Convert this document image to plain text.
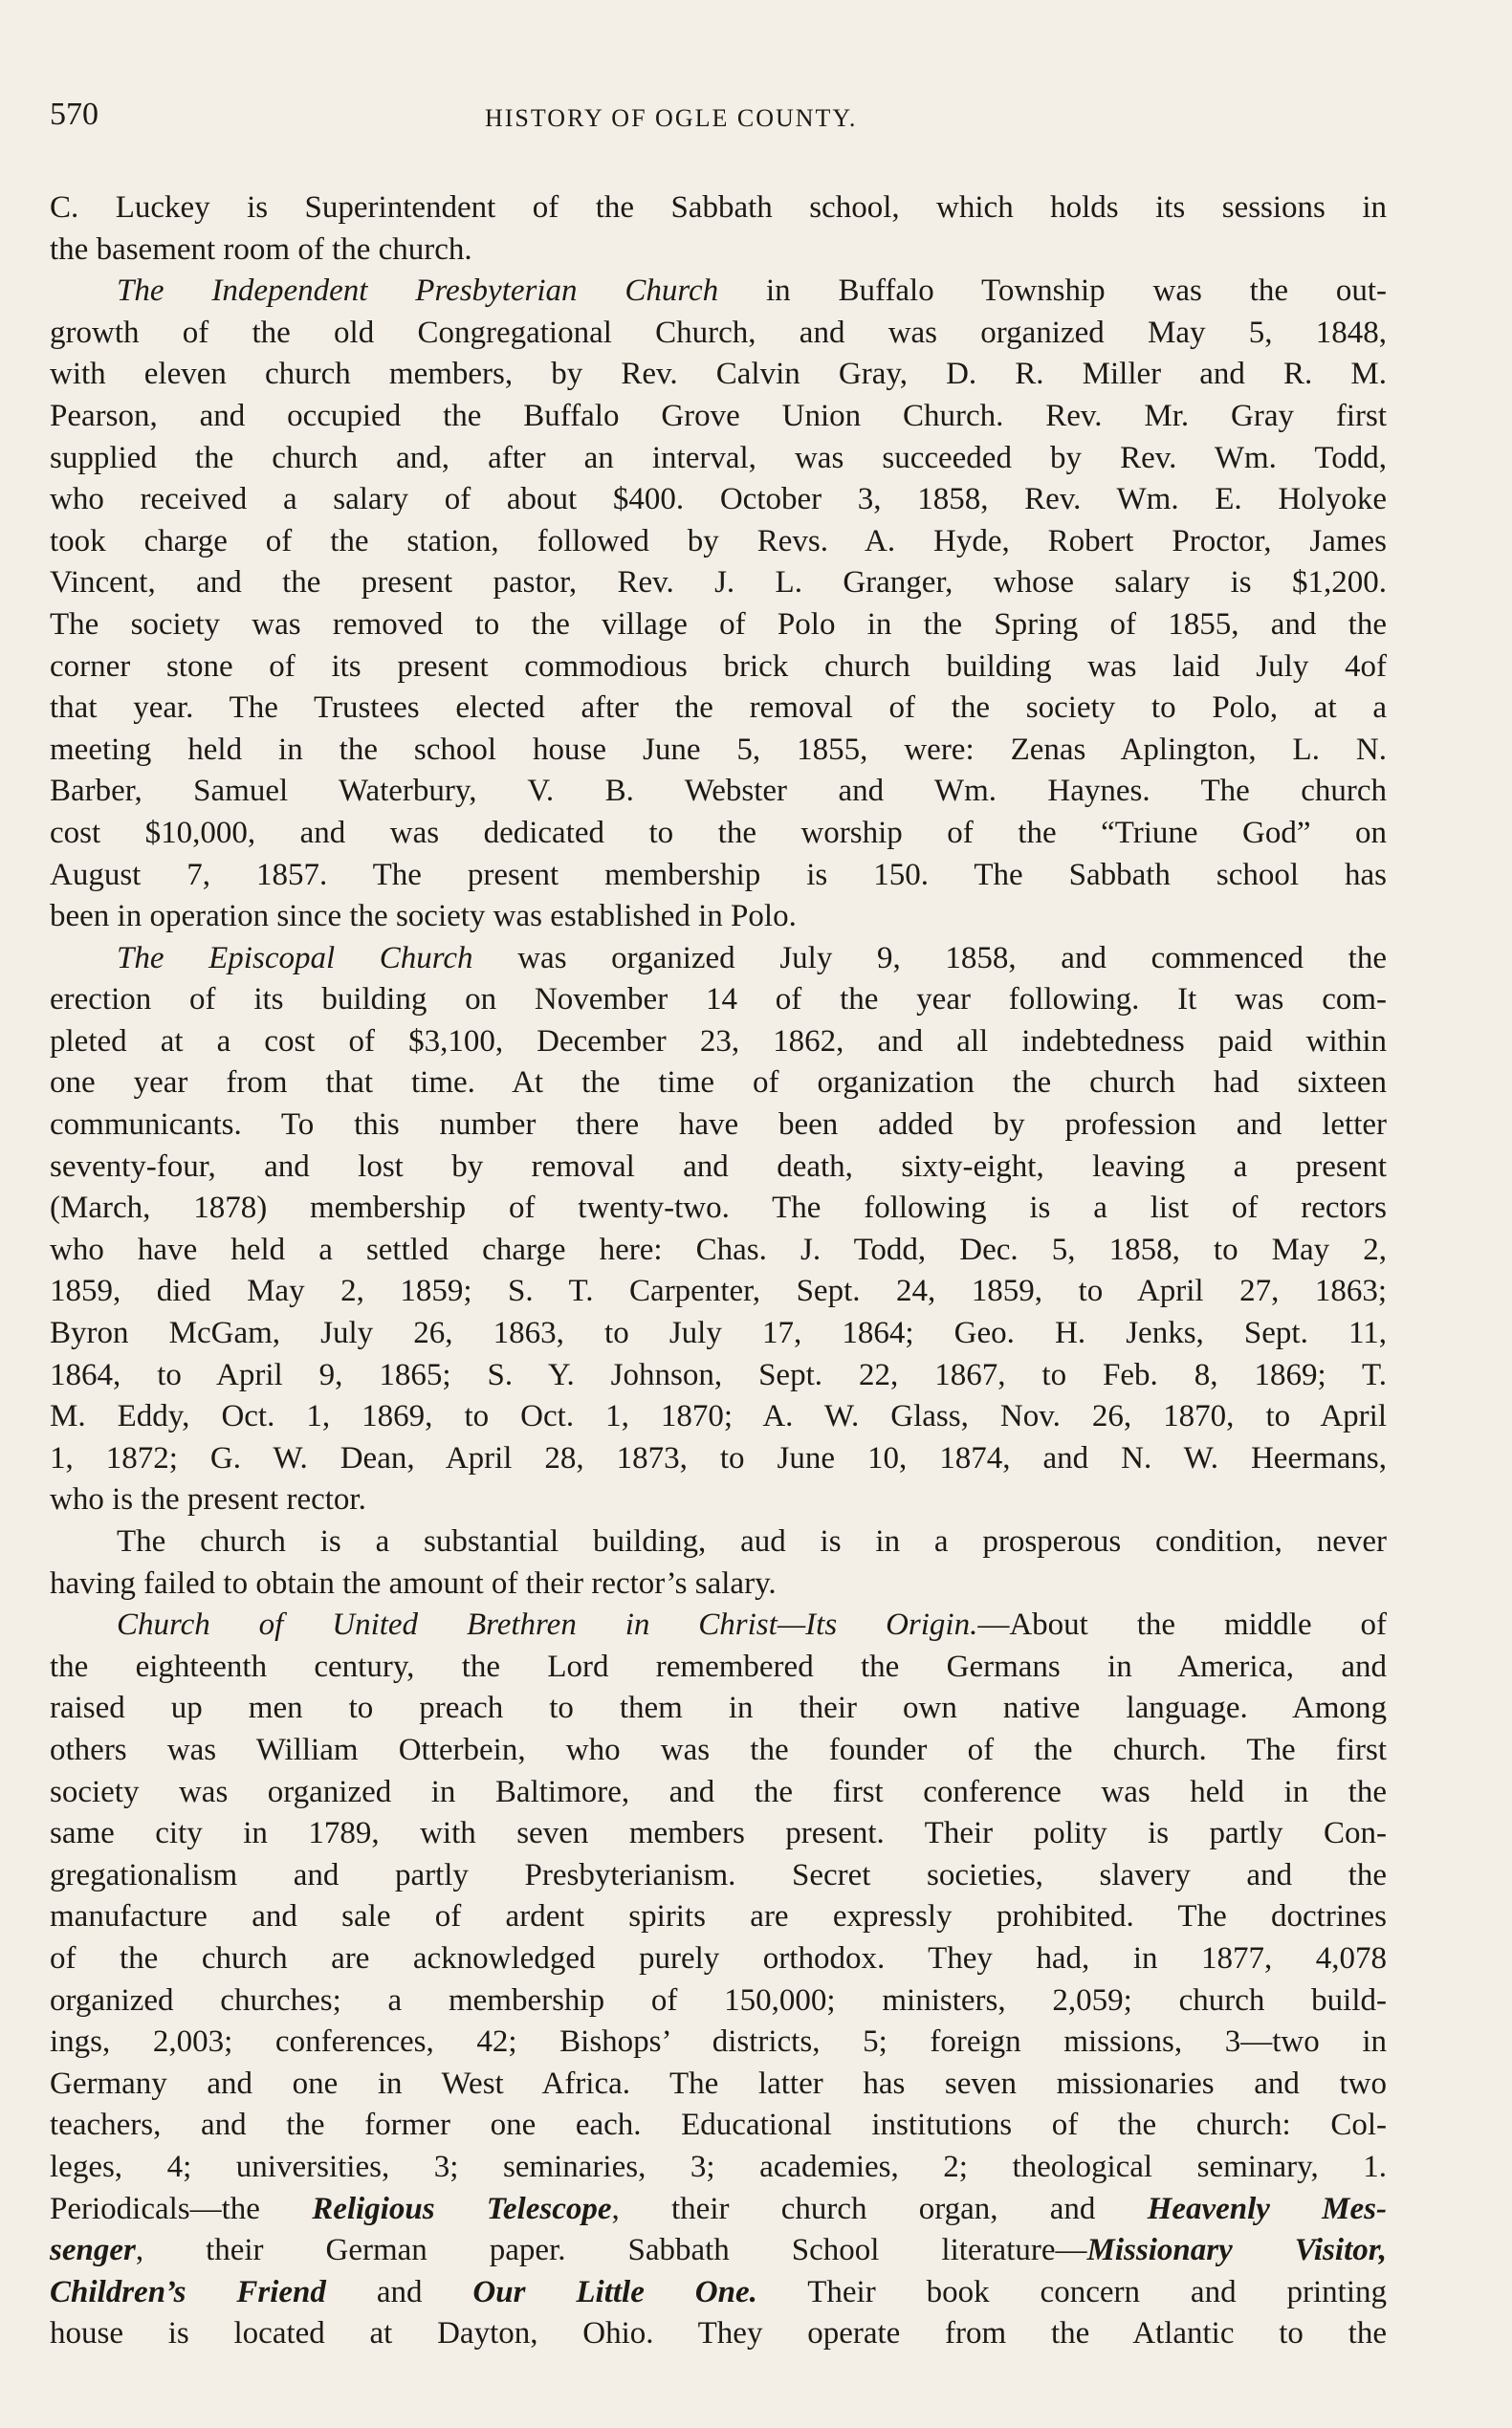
570	HISTORY OF OGLE COUNTY.
C. Luckey is Superintendent of the Sabbath school, which holds its sessions in
the basement room of the church.
The Independent Presbyterian Church in Buffalo Township was the out-
growth of the old Congregational Church, and was organized May 5, 1848,
with eleven church members, by Rev. Calvin Gray, D. R. Miller and R. M.
Pearson, and occupied the Buffalo Grove Union Church. Rev. Mr. Gray first
supplied the church and, after an interval, was succeeded by Rev. Wm. Todd,
who received a salary of about $400. October 3, 1858, Rev. Wm. E. Holyoke
took charge of the station, followed by Revs. A. Hyde, Robert Proctor, James
Vincent, and the present pastor, Rev. J. L. Granger, whose salary is $1,200.
The society was removed to the village of Polo in the Spring of 1855, and the
corner stone of its present commodious brick church building was laid July 4of
that year. The Trustees elected after the removal of the society to Polo, at a
meeting held in the school house June 5, 1855, were: Zenas Aplington, L. N.
Barber, Samuel Waterbury, V. B. Webster and Wm. Haynes. The church
cost $10,000, and was dedicated to the worship of the “Triune God” on
August 7, 1857. The present membership is 150. The Sabbath school has
been in operation since the society was established in Polo.
The Episcopal Church was organized July 9, 1858, and commenced the
erection of its building on November 14 of the year following. It was com-
pleted at a cost of $3,100, December 23, 1862, and all indebtedness paid within
one year from that time. At the time of organization the church had sixteen
communicants. To this number there have been added by profession and letter
seventy-four, and lost by removal and death, sixty-eight, leaving a present
(March, 1878) membership of twenty-two. The following is a list of rectors
who have held a settled charge here: Chas. J. Todd, Dec. 5, 1858, to May 2,
1859, died May 2, 1859; S. T. Carpenter, Sept. 24, 1859, to April 27, 1863;
Byron McGam, July 26, 1863, to July 17, 1864; Geo. H. Jenks, Sept. 11,
1864, to April 9, 1865; S. Y. Johnson, Sept. 22, 1867, to Feb. 8, 1869; T.
M. Eddy, Oct. 1, 1869, to Oct. 1, 1870; A. W. Glass, Nov. 26, 1870, to April
1, 1872; G. W. Dean, April 28, 1873, to June 10, 1874, and N. W. Heermans,
who is the present rector.
The church is a substantial building, aud is in a prosperous condition, never
having failed to obtain the amount of their rector’s salary.
Church of United Brethren in Christ—Its Origin.—About the middle of
the eighteenth century, the Lord remembered the Germans in America, and
raised up men to preach to them in their own native language. Among
others was William Otterbein, who was the founder of the church. The first
society was organized in Baltimore, and the first conference was held in the
same city in 1789, with seven members present. Their polity is partly Con-
gregationalism and partly Presbyterianism. Secret societies, slavery and the
manufacture and sale of ardent spirits are expressly prohibited. The doctrines
of the church are acknowledged purely orthodox. They had, in 1877, 4,078
organized churches; a membership of 150,000; ministers, 2,059; church build-
ings, 2,003; conferences, 42; Bishops’ districts, 5; foreign missions, 3—two in
Germany and one in West Africa. The latter has seven missionaries and two
teachers, and the former one each. Educational institutions of the church: Col-
leges, 4; universities, 3; seminaries, 3; academies, 2; theological seminary, 1.
Periodicals—the Religious Telescope, their church organ, and Heavenly Mes-
senger, their German paper. Sabbath School literature—Missionary Visitor,
Children’s Friend and Our Little One. Their book concern and printing
house is located at Dayton, Ohio. They operate from the Atlantic to the
